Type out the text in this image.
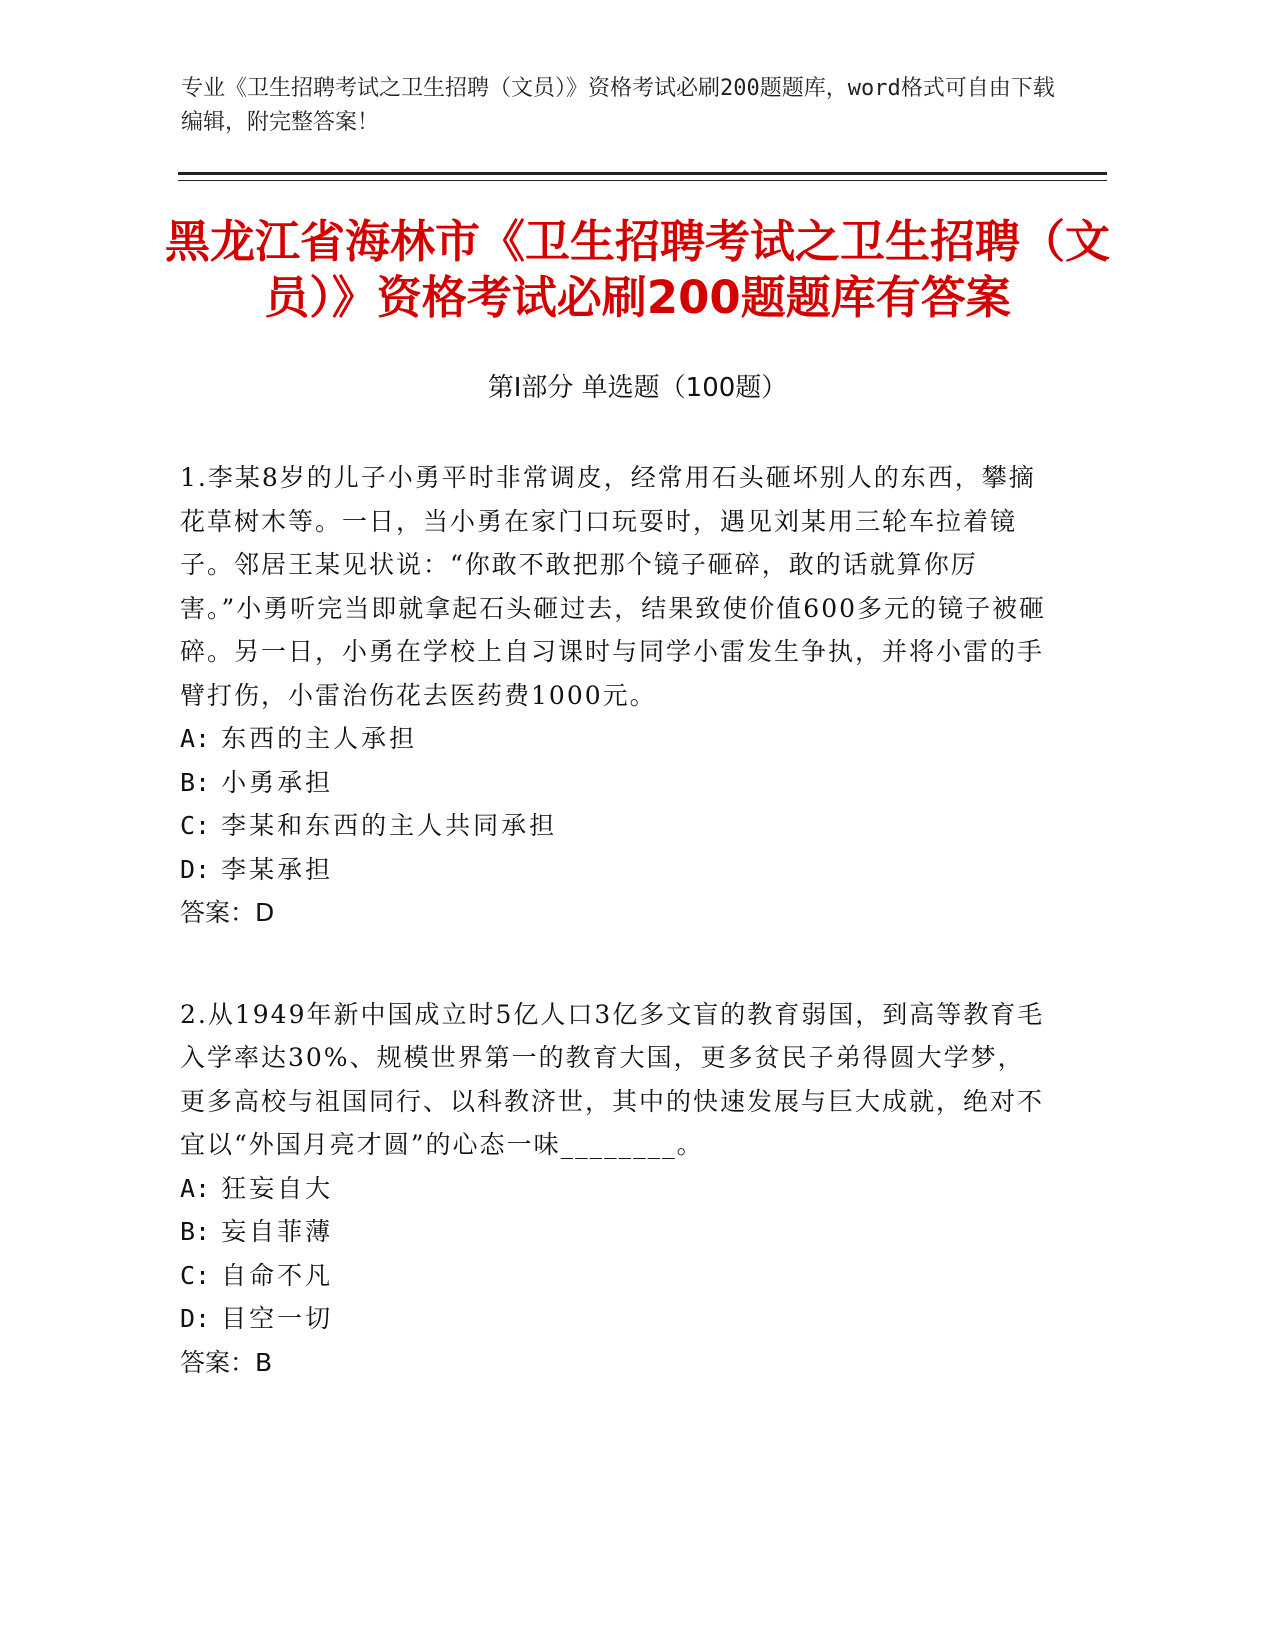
专业《卫生招聘考试之卫生招聘（文员）》资格考试必刷200题题库，word格式可自由下载编辑，附完整答案！
黑龙江省海林市《卫生招聘考试之卫生招聘（文员）》资格考试必刷200题题库有答案
第Ⅰ部分 单选题（100题）
1.李某8岁的儿子小勇平时非常调皮，经常用石头砸坏别人的东西，攀摘花草树木等。一日，当小勇在家门口玩耍时，遇见刘某用三轮车拉着镜子。邻居王某见状说：“你敢不敢把那个镜子砸碎，敢的话就算你厉害。”小勇听完当即就拿起石头砸过去，结果致使价值600多元的镜子被砸碎。另一日，小勇在学校上自习课时与同学小雷发生争执，并将小雷的手臂打伤，小雷治伤花去医药费1000元。
A: 东西的主人承担
B: 小勇承担
C: 李某和东西的主人共同承担
D: 李某承担
答案：D
2.从1949年新中国成立时5亿人口3亿多文盲的教育弱国，到高等教育毛入学率达30%、规模世界第一的教育大国，更多贫民子弟得圆大学梦，更多高校与祖国同行、以科教济世，其中的快速发展与巨大成就，绝对不宜以“外国月亮才圆”的心态一味________。
A: 狂妄自大
B: 妄自菲薄
C: 自命不凡
D: 目空一切
答案：B
